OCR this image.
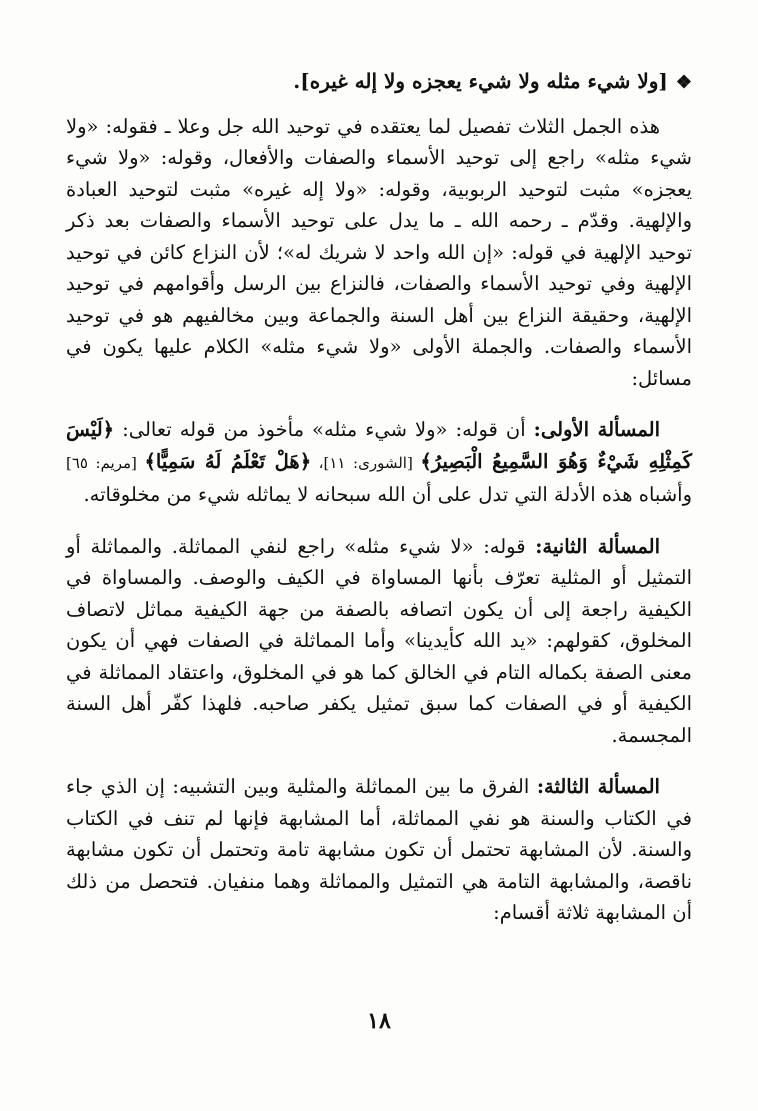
❖[ولا شيء مثله ولا شيء يعجزه ولا إله غيره].

هذه الجمل الثلاث تفصيل لما يعتقده في توحيد الله جل وعلا ـ فقوله: «ولا شيء مثله» راجع إلى توحيد الأسماء والصفات والأفعال، وقوله: «ولا شيء يعجزه» مثبت لتوحيد الربوبية، وقوله: «ولا إله غيره» مثبت لتوحيد العبادة والإلهية. وقدّم ـ رحمه الله ـ ما يدل على توحيد الأسماء والصفات بعد ذكر توحيد الإلهية في قوله: «إن الله واحد لا شريك له»؛ لأن النزاع كائن في توحيد الإلهية وفي توحيد الأسماء والصفات، فالنزاع بين الرسل وأقوامهم في توحيد الإلهية، وحقيقة النزاع بين أهل السنة والجماعة وبين مخالفيهم هو في توحيد الأسماء والصفات. والجملة الأولى «ولا شيء مثله» الكلام عليها يكون في مسائل:

المسألة الأولى: أن قوله: «ولا شيء مثله» مأخوذ من قوله تعالى: ﴿لَيْسَ كَمِثْلِهِ شَيْءٌ وَهُوَ السَّمِيعُ الْبَصِيرُ﴾ [الشورى: ١١]، ﴿هَلْ تَعْلَمُ لَهُ سَمِيًّا﴾ [مريم: ٦٥] وأشباه هذه الأدلة التي تدل على أن الله سبحانه لا يماثله شيء من مخلوقاته.

المسألة الثانية: قوله: «لا شيء مثله» راجع لنفي المماثلة. والمماثلة أو التمثيل أو المثلية تعرّف بأنها المساواة في الكيف والوصف. والمساواة في الكيفية راجعة إلى أن يكون اتصافه بالصفة من جهة الكيفية مماثل لاتصاف المخلوق، كقولهم: «يد الله كأيدينا» وأما المماثلة في الصفات فهي أن يكون معنى الصفة بكماله التام في الخالق كما هو في المخلوق، واعتقاد المماثلة في الكيفية أو في الصفات كما سبق تمثيل يكفر صاحبه. فلهذا كفّر أهل السنة المجسمة.

المسألة الثالثة: الفرق ما بين المماثلة والمثلية وبين التشبيه: إن الذي جاء في الكتاب والسنة هو نفي المماثلة، أما المشابهة فإنها لم تنف في الكتاب والسنة. لأن المشابهة تحتمل أن تكون مشابهة تامة وتحتمل أن تكون مشابهة ناقصة، والمشابهة التامة هي التمثيل والمماثلة وهما منفيان. فتحصل من ذلك أن المشابهة ثلاثة أقسام:

١٨
